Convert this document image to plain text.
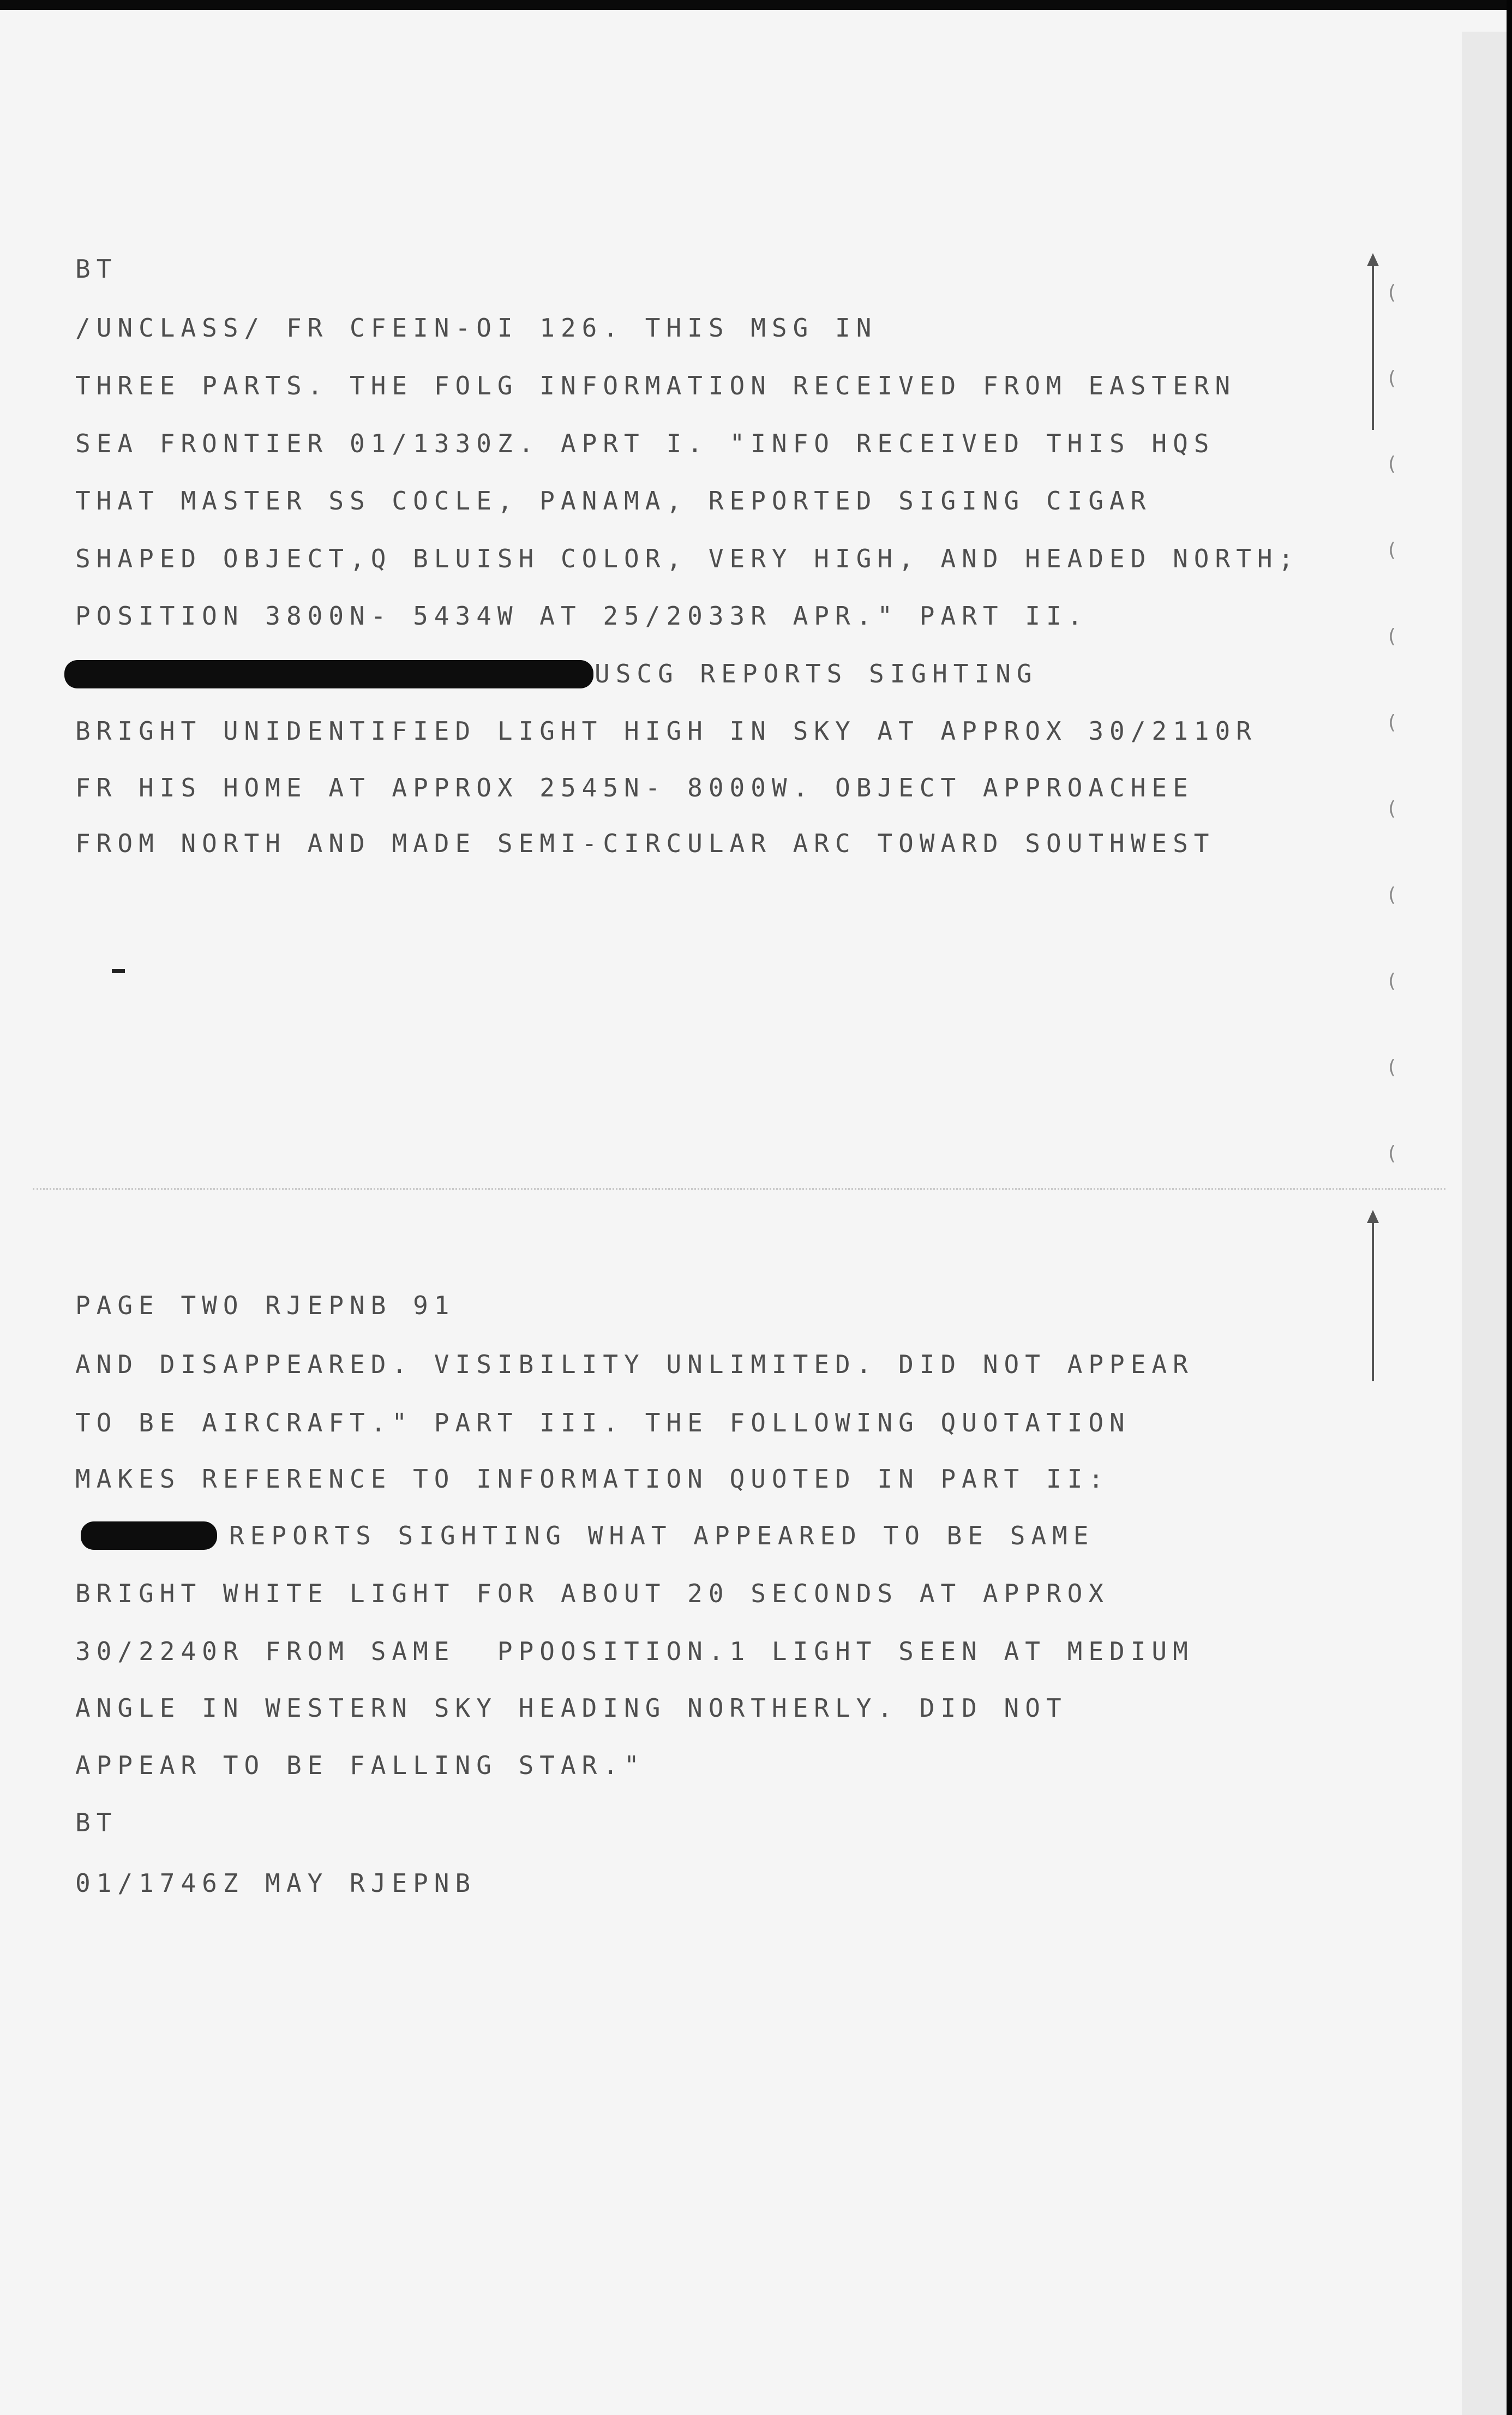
BT

/UNCLASS/ FR CFEIN-OI 126. THIS MSG IN

THREE PARTS. THE FOLG INFORMATION RECEIVED FROM EASTERN

SEA FRONTIER 01/1330Z. APRT I. "INFO RECEIVED THIS HQS

THAT MASTER SS COCLE, PANAMA, REPORTED SIGING CIGAR

SHAPED OBJECT,Q BLUISH COLOR, VERY HIGH, AND HEADED NORTH;

POSITION 3800N- 5434W AT 25/2033R APR." PART II.

USCG REPORTS SIGHTING

BRIGHT UNIDENTIFIED LIGHT HIGH IN SKY AT APPROX 30/2110R

FR HIS HOME AT APPROX 2545N- 8000W. OBJECT APPROACHEE

FROM NORTH AND MADE SEMI-CIRCULAR ARC TOWARD SOUTHWEST

PAGE TWO RJEPNB 91

AND DISAPPEARED. VISIBILITY UNLIMITED. DID NOT APPEAR

TO BE AIRCRAFT." PART III. THE FOLLOWING QUOTATION

MAKES REFERENCE TO INFORMATION QUOTED IN PART II:

REPORTS SIGHTING WHAT APPEARED TO BE SAME

BRIGHT WHITE LIGHT FOR ABOUT 20 SECONDS AT APPROX

30/2240R FROM SAME  PPOOSITION.1 LIGHT SEEN AT MEDIUM

ANGLE IN WESTERN SKY HEADING NORTHERLY. DID NOT

APPEAR TO BE FALLING STAR."

BT

01/1746Z MAY RJEPNB

(
(
(
(
(
(
(
(
(
(
(
